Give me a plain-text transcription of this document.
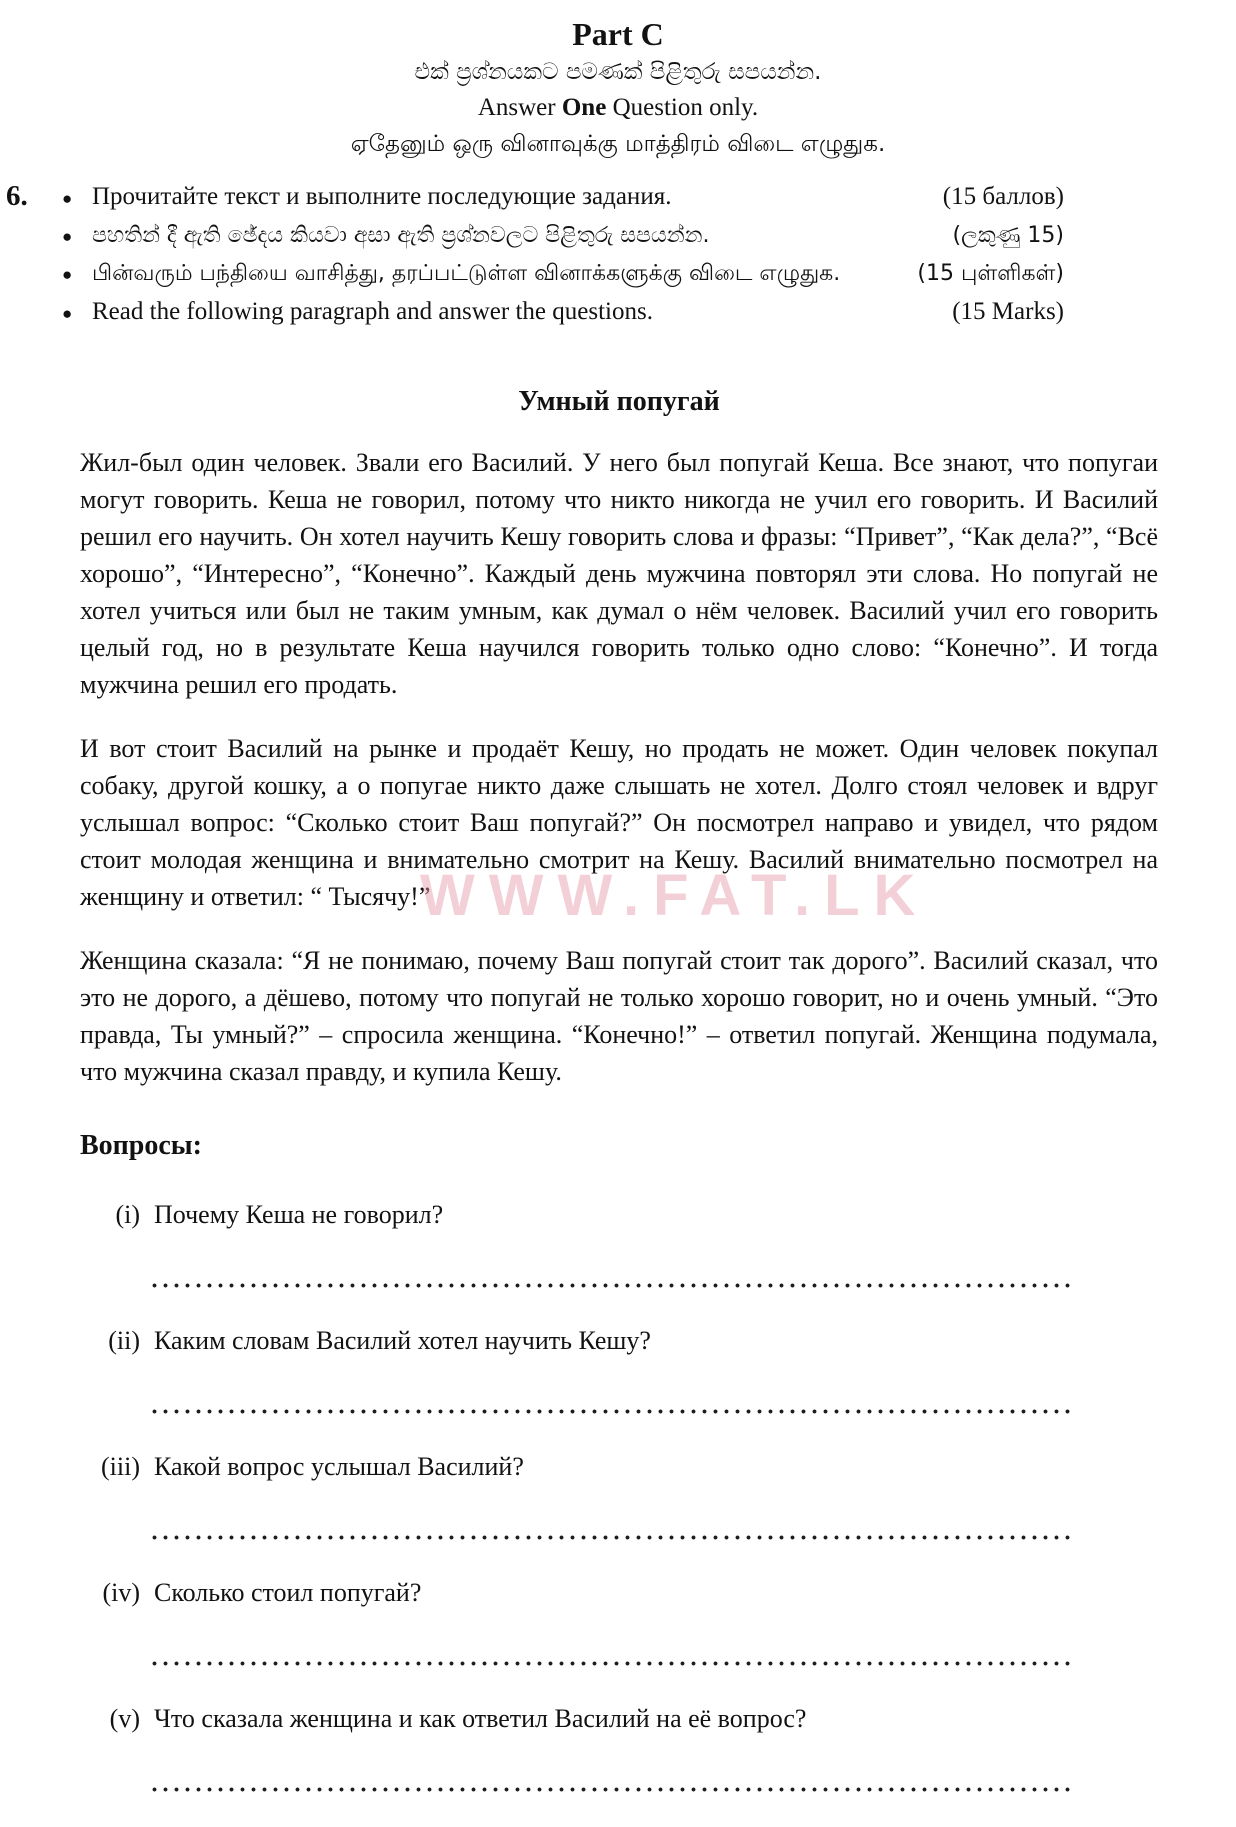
Part C
එක් ප්‍රශ්නයකට පමණක් පිළිතුරු සපයන්න.
Answer One Question only.
ஏதேனும் ஒரு வினாவுக்கு மாத்திரம் விடை எழுதுக.
6.	● Прочитайте текст и выполните последующие задания.	(15 баллов)
● පහතින් දී ඇති ඡේදය කියවා අසා ඇති ප්‍රශ්නවලට පිළිතුරු සපයන්න.	(ලකුණු 15)
● பின்வரும் பந்தியை வாசித்து, தரப்பட்டுள்ள வினாக்களுக்கு விடை எழுதுக.	(15 புள்ளிகள்)
● Read the following paragraph and answer the questions.	(15 Marks)
Умный попугай

Жил-был один человек. Звали его Василий. У него был попугай Кеша. Все знают, что попугаи могут говорить. Кеша не говорил, потому что никто никогда не учил его говорить. И Василий решил его научить. Он хотел научить Кешу говорить слова и фразы: “Привет”, “Как дела?”, “Всё хорошо”, “Интересно”, “Конечно”. Каждый день мужчина повторял эти слова. Но попугай не хотел учиться или был не таким умным, как думал о нём человек. Василий учил его говорить целый год, но в результате Кеша научился говорить только одно слово: “Конечно”. И тогда мужчина решил его продать.

И вот стоит Василий на рынке и продаёт Кешу, но продать не может. Один человек покупал собаку, другой кошку, а о попугае никто даже слышать не хотел. Долго стоял человек и вдруг услышал вопрос: “Сколько стоит Ваш попугай?” Он посмотрел направо и увидел, что рядом стоит молодая женщина и внимательно смотрит на Кешу. Василий внимательно посмотрел на женщину и ответил: “ Тысячу!”

Женщина сказала: “Я не понимаю, почему Ваш попугай стоит так дорого”. Василий сказал, что это не дорого, а дёшево, потому что попугай не только хорошо говорит, но и очень умный. “Это правда, Ты умный?” – спросила женщина. “Конечно!” – ответил попугай. Женщина подумала, что мужчина сказал правду, и купила Кешу.

WWW.FAT.LK
Вопросы:
(i) Почему Кеша не говорил?
(ii) Каким словам Василий хотел научить Кешу?
(iii) Какой вопрос услышал Василий?
(iv) Сколько стоил попугай?
(v) Что сказала женщина и как ответил Василий на её вопрос?
